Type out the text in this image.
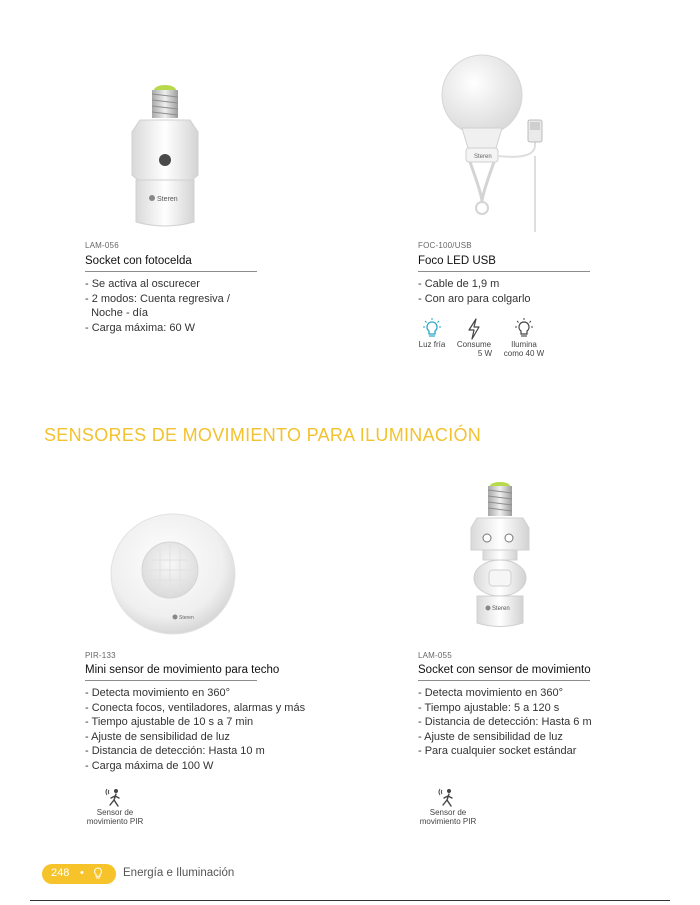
Steren
LAM-056
Socket con fotocelda
- Se activa al oscurecer
- 2 modos: Cuenta regresiva /
Noche - día
- Carga máxima: 60 W
Steren
FOC-100/USB
Foco LED USB
- Cable de 1,9 m
- Con aro para colgarlo
Luz fría	Consume
5 W
Ilumina
como 40 W
SENSORES DE MOVIMIENTO PARA ILUMINACIÓN
Steren
PIR-133
Mini sensor de movimiento para techo
- Detecta movimiento en 360°
- Conecta focos, ventiladores, alarmas y más
- Tiempo ajustable de 10 s a 7 min
- Ajuste de sensibilidad de luz
- Distancia de detección: Hasta 10 m
- Carga máxima de 100 W
Sensor de
movimiento PIR
Steren
LAM-055
Socket con sensor de movimiento
- Detecta movimiento en 360°
- Tiempo ajustable: 5 a 120 s
- Distancia de detección: Hasta 6 m
- Ajuste de sensibilidad de luz
- Para cualquier socket estándar
Sensor de
movimiento PIR
248 •	Energía e Iluminación
